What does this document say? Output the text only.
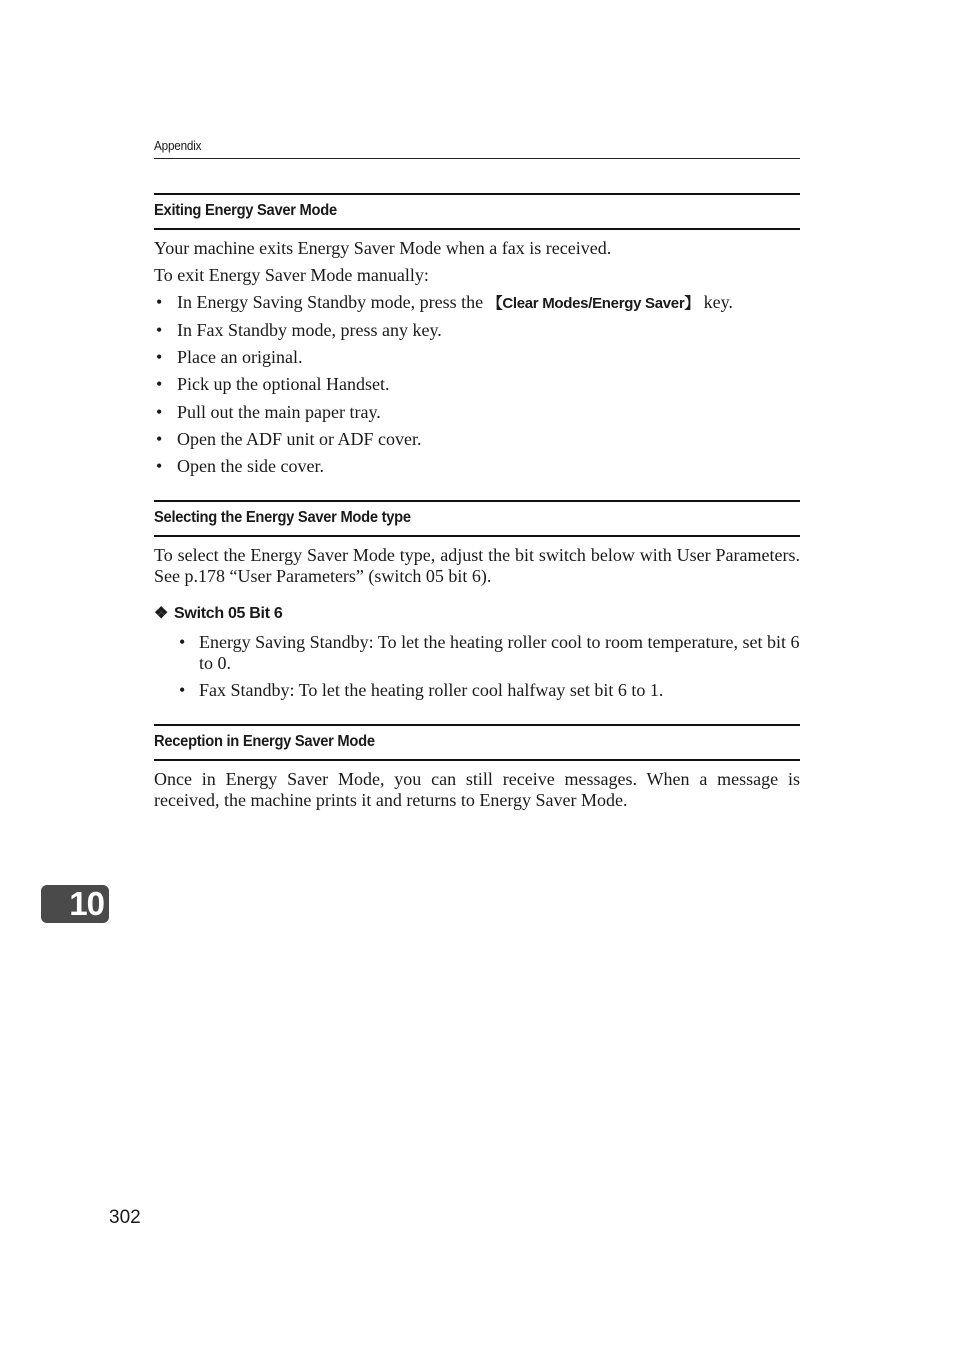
Appendix
Exiting Energy Saver Mode

Your machine exits Energy Saver Mode when a fax is received.

To exit Energy Saver Mode manually:

• In Energy Saving Standby mode, press the 【Clear Modes/Energy Saver】 key.
• In Fax Standby mode, press any key.
• Place an original.
• Pick up the optional Handset.
• Pull out the main paper tray.
• Open the ADF unit or ADF cover.
• Open the side cover.
Selecting the Energy Saver Mode type

To select the Energy Saver Mode type, adjust the bit switch below with User Parameters. See p.178 “User Parameters” (switch 05 bit 6).

❖ Switch 05 Bit 6
• Energy Saving Standby: To let the heating roller cool to room temperature, set bit 6 to 0.
• Fax Standby: To let the heating roller cool halfway set bit 6 to 1.
Reception in Energy Saver Mode

Once in Energy Saver Mode, you can still receive messages. When a message is received, the machine prints it and returns to Energy Saver Mode.

10
302
